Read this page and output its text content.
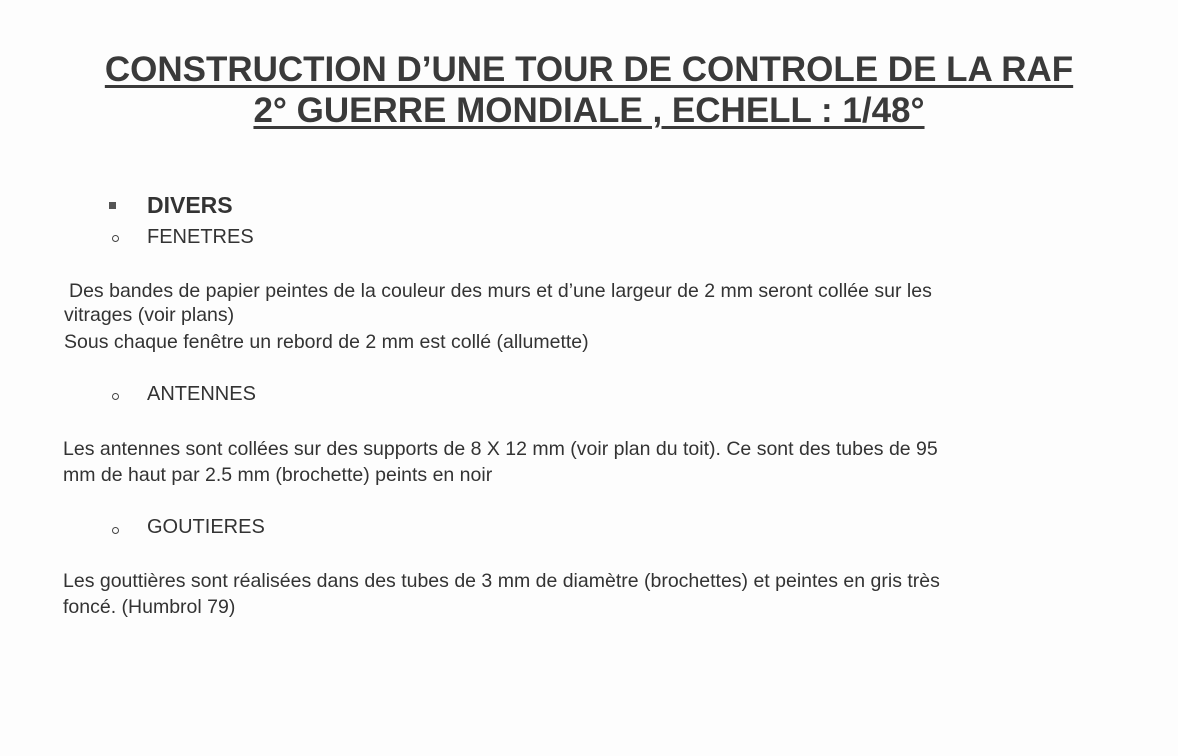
CONSTRUCTION D’UNE TOUR DE CONTROLE DE LA RAF
2° GUERRE MONDIALE , ECHELL : 1/48°
DIVERS
FENETRES
Des bandes de papier peintes de la couleur des murs et d’une largeur de 2 mm seront collée sur les
vitrages (voir plans)
Sous chaque fenêtre un rebord de 2 mm est collé (allumette)
ANTENNES
Les antennes sont collées sur des supports de 8 X 12 mm (voir plan du toit). Ce sont des tubes de 95
mm de haut par 2.5 mm (brochette) peints en noir
GOUTIERES
Les gouttières sont réalisées dans des tubes de 3 mm de diamètre (brochettes) et peintes en gris très
foncé. (Humbrol 79)
